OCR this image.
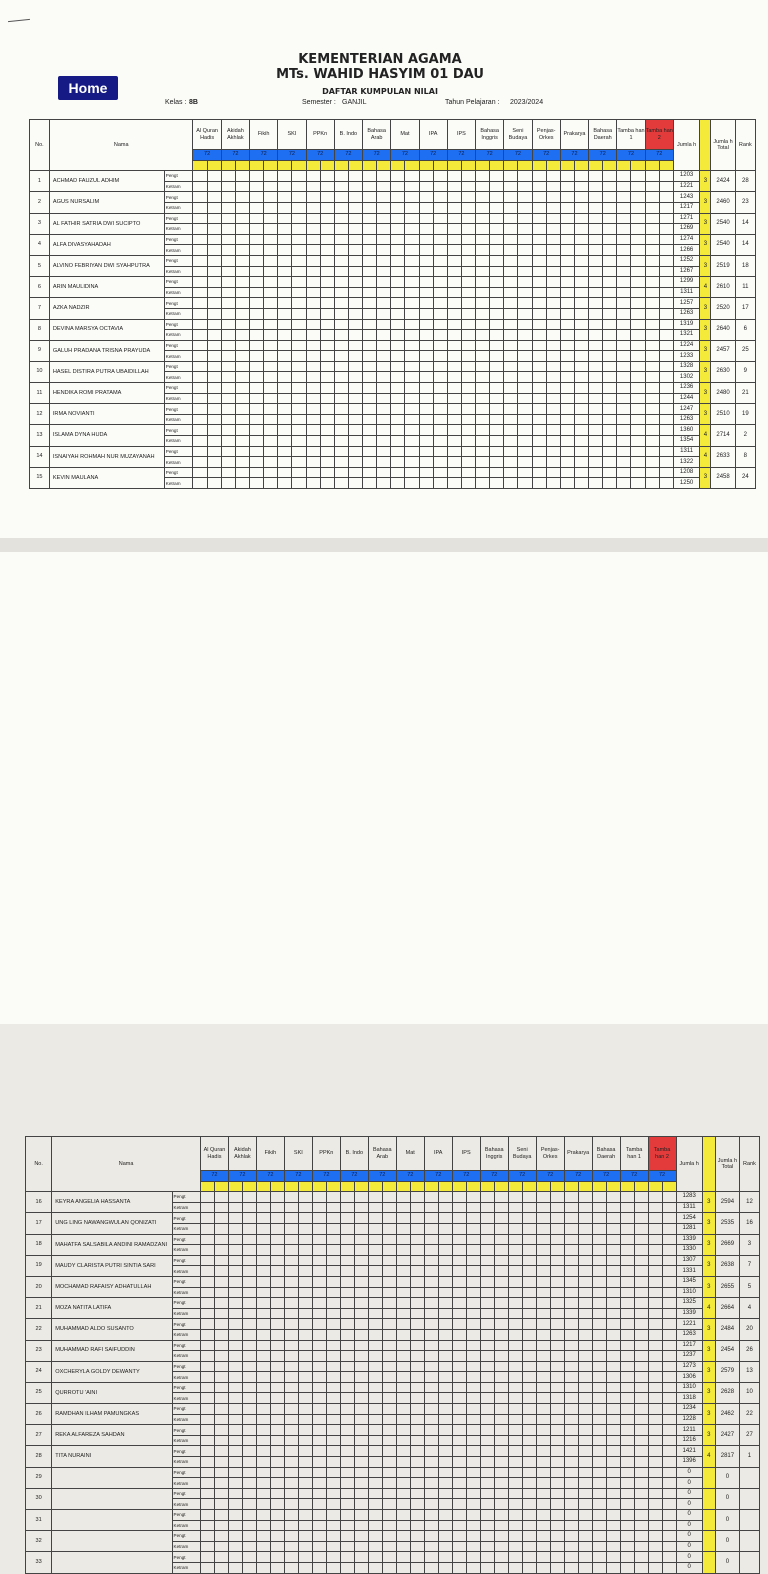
Home
KEMENTERIAN AGAMA
MTs. WAHID HASYIM 01 DAU
DAFTAR KUMPULAN NILAI
Kelas : 8B	Semester : GANJIL	Tahun Pelajaran : 2023/2024
No.	Nama		Al Quran Hadis		Akidah Akhlak		Fikih		SKI		PPKn		B. Indo		Bahasa Arab		Mat		IPA		IPS		Bahasa Inggris		Seni Budaya		Penjas-Orkes		Prakarya		Bahasa Daerah		Tamba han 1		Tamba han 2		Jumla h		Jumla h Total	Rank
			72		72		72		72		72		72		72		72		72		72		72		72		72		72		72		72		72					

1	ACHMAD FAUZUL ADHIM	Pengt																																			1203	3	2424	28
		Ketram																																			1221			
2	AGUS NURSALIM	Pengt																																			1243	3	2460	23
		Ketram																																			1217			
3	AL FATHIR SATRIA DWI SUCIPTO	Pengt																																			1271	3	2540	14
		Ketram																																			1269			
4	ALFA DIVASYAHADAH	Pengt																																			1274	3	2540	14
		Ketram																																			1266			
5	ALVINO FEBRIYAN DWI SYAHPUTRA	Pengt																																			1252	3	2519	18
		Ketram																																			1267			
6	ARIN MAULIDINA	Pengt																																			1299	4	2610	11
		Ketram																																			1311			
7	AZKA NADZIR	Pengt																																			1257	3	2520	17
		Ketram																																			1263			
8	DEVINA MARSYA OCTAVIA	Pengt																																			1319	3	2640	6
		Ketram																																			1321			
9	GALUH PRADANA TRISNA PRAYUDA	Pengt																																			1224	3	2457	25
		Ketram																																			1233			
10	HASEL DISTIRA PUTRA UBAIDILLAH	Pengt																																			1328	3	2630	9
		Ketram																																			1302			
11	HENDIKA ROMI PRATAMA	Pengt																																			1236	3	2480	21
		Ketram																																			1244			
12	IRMA NOVIANTI	Pengt																																			1247	3	2510	19
		Ketram																																			1263			
13	ISLAMA DYNA HUDA	Pengt																																			1360	4	2714	2
		Ketram																																			1354			
14	ISNAIYAH ROHMAH NUR MUZAYANAH	Pengt																																			1311	4	2633	8
		Ketram																																			1322			
15	KEVIN MAULANA	Pengt																																			1208	3	2458	24
		Ketram																																			1250			
No.	Nama		Al Quran Hadis		Akidah Akhlak		Fikih		SKI		PPKn		B. Indo		Bahasa Arab		Mat		IPA		IPS		Bahasa Inggris		Seni Budaya		Penjas-Orkes		Prakarya		Bahasa Daerah		Tamba han 1		Tamba han 2		Jumla h		Jumla h Total	Rank
			72		72		72		72		72		72		72		72		72		72		72		72		72		72		72		72		72					

16	KEYRA ANGELIA HASSANTA	Pengt																																			1283	3	2594	12
		Ketram																																			1311			
17	UNG LING NAWANGWULAN QONIZATI	Pengt																																			1254	3	2535	16
		Ketram																																			1281			
18	MAHATFA SALSABILA ANDINI RAMADZANI	Pengt																																			1339	3	2669	3
		Ketram																																			1330			
19	MAUDY CLARISTA PUTRI SINTIA SARI	Pengt																																			1307	3	2638	7
		Ketram																																			1331			
20	MOCHAMAD RAFAISY ADHATULLAH	Pengt																																			1345	3	2655	5
		Ketram																																			1310			
21	MOZA NATITA LATIFA	Pengt																																			1325	4	2664	4
		Ketram																																			1339			
22	MUHAMMAD ALDO SUSANTO	Pengt																																			1221	3	2484	20
		Ketram																																			1263			
23	MUHAMMAD RAFI SAIFUDDIN	Pengt																																			1217	3	2454	26
		Ketram																																			1237			
24	OXCHERYLA GOLDY DEWANTY	Pengt																																			1273	3	2579	13
		Ketram																																			1306			
25	QURROTU 'AINI	Pengt																																			1310	3	2628	10
		Ketram																																			1318			
26	RAMDHAN ILHAM PAMUNGKAS	Pengt																																			1234	3	2462	22
		Ketram																																			1228			
27	REKA ALFAREZA SAHDAN	Pengt																																			1211	3	2427	27
		Ketram																																			1216			
28	TITA NURAINI	Pengt																																			1421	4	2817	1
		Ketram																																			1396			
29		Pengt																																			0		0	
		Ketram																																			0			
30		Pengt																																			0		0	
		Ketram																																			0			
31		Pengt																																			0		0	
		Ketram																																			0			
32		Pengt																																			0		0	
		Ketram																																			0			
33		Pengt																																			0		0	
		Ketram																																			0			
